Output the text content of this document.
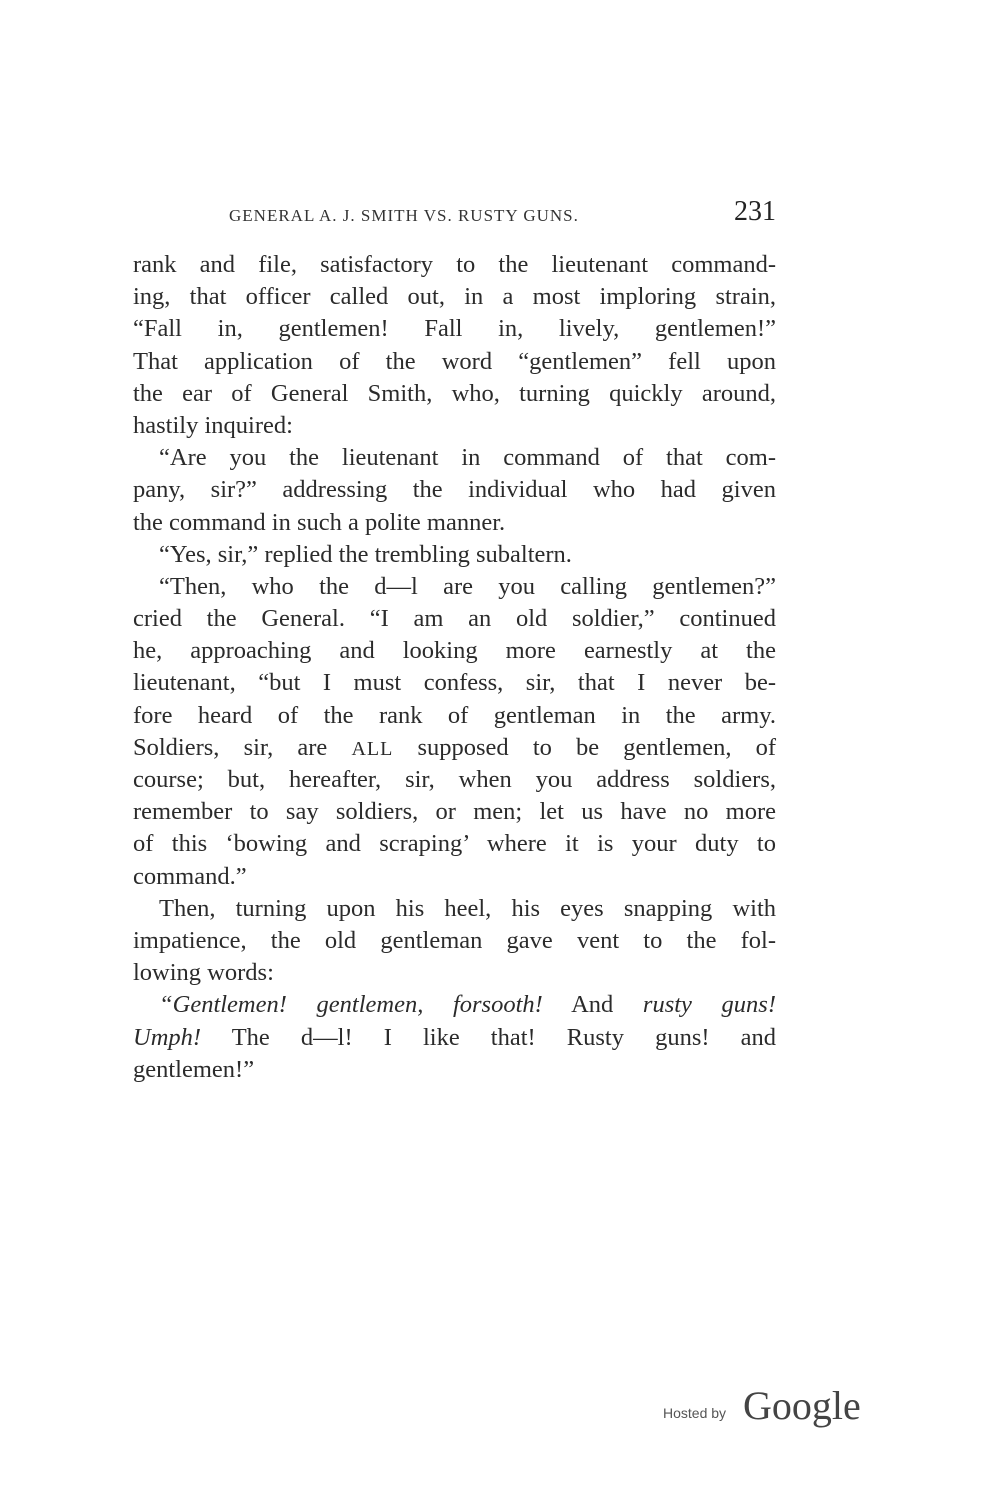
GENERAL A. J. SMITH VS. RUSTY GUNS.	231
rank and file, satisfactory to the lieutenant command-
ing, that officer called out, in a most imploring strain,
“Fall in, gentlemen! Fall in, lively, gentlemen!”
That application of the word “gentlemen” fell upon
the ear of General Smith, who, turning quickly around,
hastily inquired:
“Are you the lieutenant in command of that com-
pany, sir?” addressing the individual who had given
the command in such a polite manner.
“Yes, sir,” replied the trembling subaltern.
“Then, who the d—l are you calling gentlemen?”
cried the General. “I am an old soldier,” continued
he, approaching and looking more earnestly at the
lieutenant, “but I must confess, sir, that I never be-
fore heard of the rank of gentleman in the army.
Soldiers, sir, are ALL supposed to be gentlemen, of
course; but, hereafter, sir, when you address soldiers,
remember to say soldiers, or men; let us have no more
of this ‘bowing and scraping’ where it is your duty to
command.”
Then, turning upon his heel, his eyes snapping with
impatience, the old gentleman gave vent to the fol-
lowing words:
“Gentlemen! gentlemen, forsooth! And rusty guns!
Umph! The d—l! I like that! Rusty guns! and
gentlemen!”
Hosted by Google
